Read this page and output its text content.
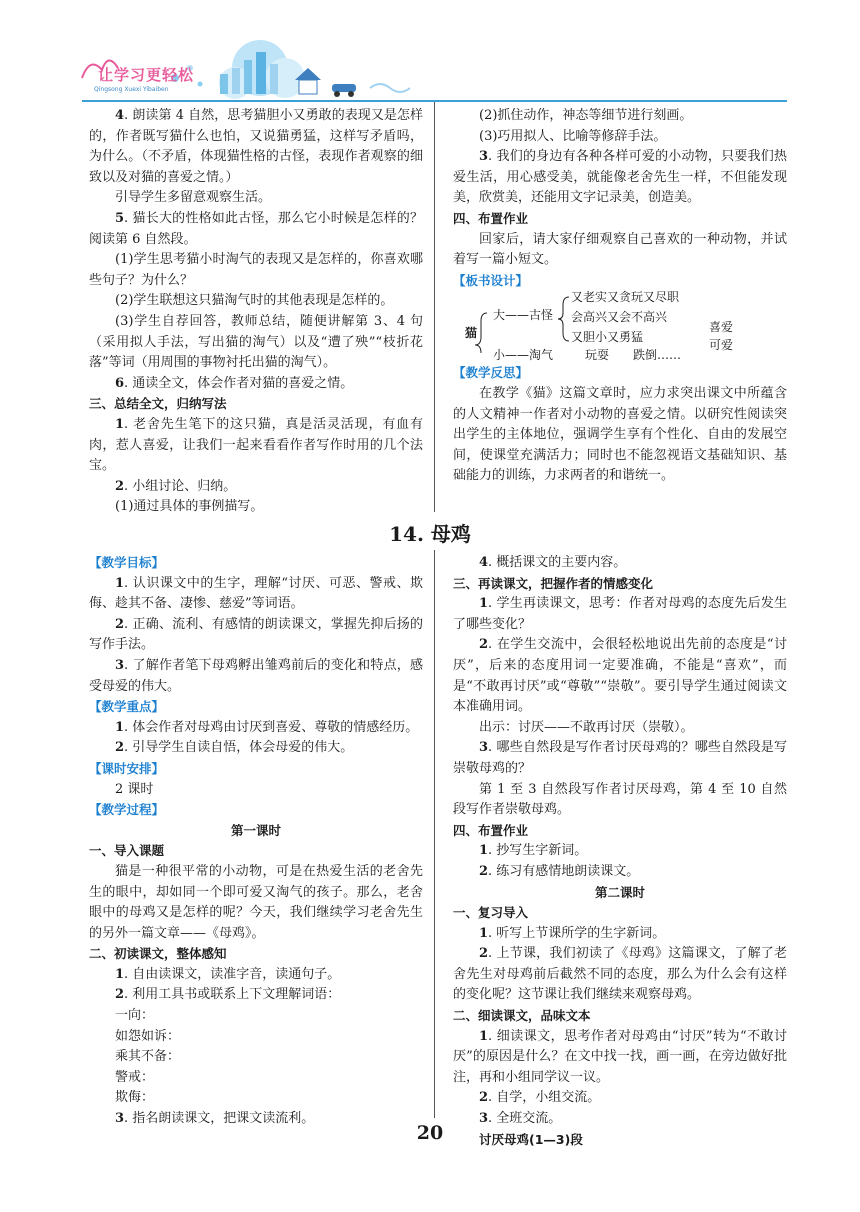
让学习更轻松
Qingsong Xuexi Yibaiben

4. 朗读第 4 自然，思考猫胆小又勇敢的表现又是怎样的，作者既写猫什么也怕，又说猫勇猛，这样写矛盾吗，为什么。（不矛盾，体现猫性格的古怪，表现作者观察的细致以及对猫的喜爱之情。）

引导学生多留意观察生活。

5. 猫长大的性格如此古怪，那么它小时候是怎样的？阅读第 6 自然段。

(1)学生思考猫小时淘气的表现又是怎样的，你喜欢哪些句子？为什么？

(2)学生联想这只猫淘气时的其他表现是怎样的。

(3)学生自荐回答，教师总结，随便讲解第 3、4 句（采用拟人手法，写出猫的淘气）以及“遭了殃”“枝折花落”等词（用周围的事物衬托出猫的淘气）。

6. 通读全文，体会作者对猫的喜爱之情。

三、总结全文，归纳写法

1. 老舍先生笔下的这只猫，真是活灵活现，有血有肉，惹人喜爱，让我们一起来看看作者写作时用的几个法宝。

2. 小组讨论、归纳。

(1)通过具体的事例描写。

(2)抓住动作，神态等细节进行刻画。

(3)巧用拟人、比喻等修辞手法。

3. 我们的身边有各种各样可爱的小动物，只要我们热爱生活，用心感受美，就能像老舍先生一样，不但能发现美，欣赏美，还能用文字记录美，创造美。

四、布置作业

回家后，请大家仔细观察自己喜欢的一种动物，并试着写一篇小短文。

【板书设计】

猫
大——古怪
小——淘气
又老实又贪玩又尽职
会高兴又会不高兴
又胆小又勇猛
玩耍 跌倒……
喜爱
可爱

【教学反思】

在教学《猫》这篇文章时，应力求突出课文中所蕴含的人文精神一作者对小动物的喜爱之情。以研究性阅读突出学生的主体地位，强调学生享有个性化、自由的发展空间，使课堂充满活力；同时也不能忽视语文基础知识、基础能力的训练，力求两者的和谐统一。

14. 母鸡

【教学目标】

1. 认识课文中的生字，理解“讨厌、可恶、警戒、欺侮、趁其不备、凄惨、慈爱”等词语。

2. 正确、流利、有感情的朗读课文，掌握先抑后扬的写作手法。

3. 了解作者笔下母鸡孵出雏鸡前后的变化和特点，感受母爱的伟大。

【教学重点】

1. 体会作者对母鸡由讨厌到喜爱、尊敬的情感经历。

2. 引导学生自读自悟，体会母爱的伟大。

【课时安排】

2 课时

【教学过程】

第一课时

一、导入课题

猫是一种很平常的小动物，可是在热爱生活的老舍先生的眼中，却如同一个即可爱又淘气的孩子。那么，老舍眼中的母鸡又是怎样的呢？今天，我们继续学习老舍先生的另外一篇文章——《母鸡》。

二、初读课文，整体感知

1. 自由读课文，读准字音，读通句子。

2. 利用工具书或联系上下文理解词语：

一向：

如怨如诉：

乘其不备：

警戒：

欺侮：

3. 指名朗读课文，把课文读流利。

4. 概括课文的主要内容。

三、再读课文，把握作者的情感变化

1. 学生再读课文，思考：作者对母鸡的态度先后发生了哪些变化？

2. 在学生交流中，会很轻松地说出先前的态度是“讨厌”，后来的态度用词一定要准确，不能是“喜欢”，而是“不敢再讨厌”或“尊敬”“崇敬”。要引导学生通过阅读文本准确用词。

出示：讨厌——不敢再讨厌（崇敬）。

3. 哪些自然段是写作者讨厌母鸡的？哪些自然段是写崇敬母鸡的？

第 1 至 3 自然段写作者讨厌母鸡，第 4 至 10 自然段写作者崇敬母鸡。

四、布置作业

1. 抄写生字新词。

2. 练习有感情地朗读课文。

第二课时

一、复习导入

1. 听写上节课所学的生字新词。

2. 上节课，我们初读了《母鸡》这篇课文，了解了老舍先生对母鸡前后截然不同的态度，那么为什么会有这样的变化呢？这节课让我们继续来观察母鸡。

二、细读课文，品味文本

1. 细读课文，思考作者对母鸡由“讨厌”转为“不敢讨厌”的原因是什么？在文中找一找，画一画，在旁边做好批注，再和小组同学议一议。

2. 自学，小组交流。

3. 全班交流。

讨厌母鸡(1—3)段

20
